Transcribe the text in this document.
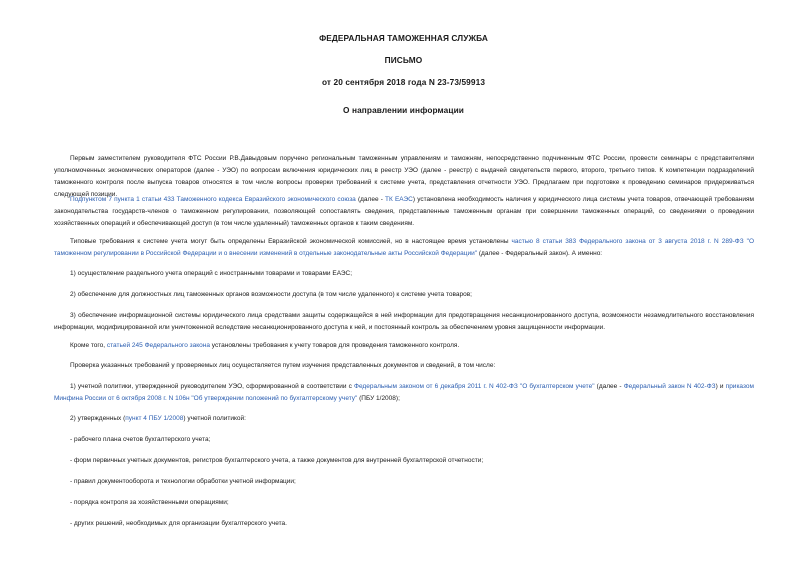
ФЕДЕРАЛЬНАЯ ТАМОЖЕННАЯ СЛУЖБА
ПИСЬМО
от 20 сентября 2018 года N 23-73/59913
О направлении информации

Первым заместителем руководителя ФТС России Р.В.Давыдовым поручено региональным таможенным управлениям и таможням, непосредственно подчиненным ФТС России, провести семинары с представителями уполномоченных экономических операторов (далее - УЭО) по вопросам включения юридических лиц в реестр УЭО (далее - реестр) с выдачей свидетельств первого, второго, третьего типов. К компетенции подразделений таможенного контроля после выпуска товаров относятся в том числе вопросы проверки требований к системе учета, представления отчетности УЭО. Предлагаем при подготовке к проведению семинаров придерживаться следующей позиции.

Подпунктом 7 пункта 1 статьи 433 Таможенного кодекса Евразийского экономического союза (далее - ТК ЕАЭС) установлена необходимость наличия у юридического лица системы учета товаров, отвечающей требованиям законодательства государств-членов о таможенном регулировании, позволяющей сопоставлять сведения, представленные таможенным органам при совершении таможенных операций, со сведениями о проведении хозяйственных операций и обеспечивающей доступ (в том числе удаленный) таможенных органов к таким сведениям.

Типовые требования к системе учета могут быть определены Евразийской экономической комиссией, но в настоящее время установлены частью 8 статьи 383 Федерального закона от 3 августа 2018 г. N 289-ФЗ "О таможенном регулировании в Российской Федерации и о внесении изменений в отдельные законодательные акты Российской Федерации" (далее - Федеральный закон). А именно:

1) осуществление раздельного учета операций с иностранными товарами и товарами ЕАЭС;

2) обеспечение для должностных лиц таможенных органов возможности доступа (в том числе удаленного) к системе учета товаров;

3) обеспечение информационной системы юридического лица средствами защиты содержащейся в ней информации для предотвращения несанкционированного доступа, возможности незамедлительного восстановления информации, модифицированной или уничтоженной вследствие несанкционированного доступа к ней, и постоянный контроль за обеспечением уровня защищенности информации.

Кроме того, статьей 245 Федерального закона установлены требования к учету товаров для проведения таможенного контроля.

Проверка указанных требований у проверяемых лиц осуществляется путем изучения представленных документов и сведений, в том числе:

1) учетной политики, утвержденной руководителем УЭО, сформированной в соответствии с Федеральным законом от 6 декабря 2011 г. N 402-ФЗ "О бухгалтерском учете" (далее - Федеральный закон N 402-ФЗ) и приказом Минфина России от 6 октября 2008 г. N 106н "Об утверждении положений по бухгалтерскому учету" (ПБУ 1/2008);

2) утвержденных (пункт 4 ПБУ 1/2008) учетной политикой:

- рабочего плана счетов бухгалтерского учета;

- форм первичных учетных документов, регистров бухгалтерского учета, а также документов для внутренней бухгалтерской отчетности;

- правил документооборота и технологии обработки учетной информации;

- порядка контроля за хозяйственными операциями;

- других решений, необходимых для организации бухгалтерского учета.
